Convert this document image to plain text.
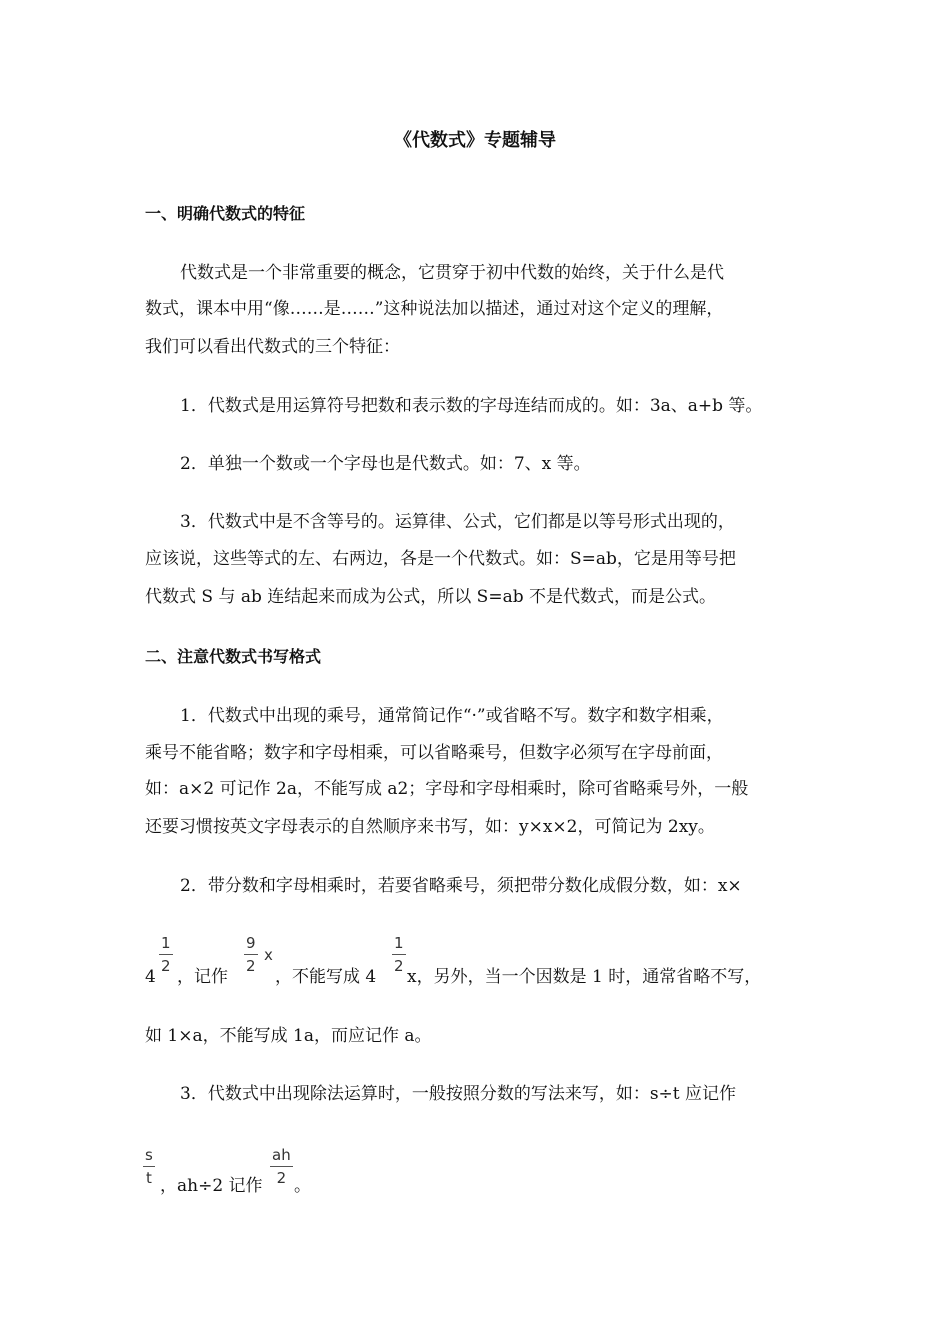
《代数式》专题辅导
一、明确代数式的特征
代数式是一个非常重要的概念，它贯穿于初中代数的始终，关于什么是代
数式，课本中用“像……是……”这种说法加以描述，通过对这个定义的理解，
我们可以看出代数式的三个特征：
1．代数式是用运算符号把数和表示数的字母连结而成的。如：3a、a+b 等。
2．单独一个数或一个字母也是代数式。如：7、x 等。
3．代数式中是不含等号的。运算律、公式，它们都是以等号形式出现的，
应该说，这些等式的左、右两边，各是一个代数式。如：S=ab，它是用等号把
代数式 S 与 ab 连结起来而成为公式，所以 S=ab 不是代数式，而是公式。
二、注意代数式书写格式
1．代数式中出现的乘号，通常简记作“·”或省略不写。数字和数字相乘，
乘号不能省略；数字和字母相乘，可以省略乘号，但数字必须写在字母前面，
如：a×2 可记作 2a，不能写成 a2；字母和字母相乘时，除可省略乘号外，一般
还要习惯按英文字母表示的自然顺序来书写，如：y×x×2，可简记为 2xy。
2．带分数和字母相乘时，若要省略乘号，须把带分数化成假分数，如：x×
4
1
2
，记作
9
2
x
，不能写成 4
1
2
x，另外，当一个因数是 1 时，通常省略不写，
如 1×a，不能写成 1a，而应记作 a。
3．代数式中出现除法运算时，一般按照分数的写法来写，如：s÷t 应记作
s
t ，ah÷2 记作
ah
2 。
